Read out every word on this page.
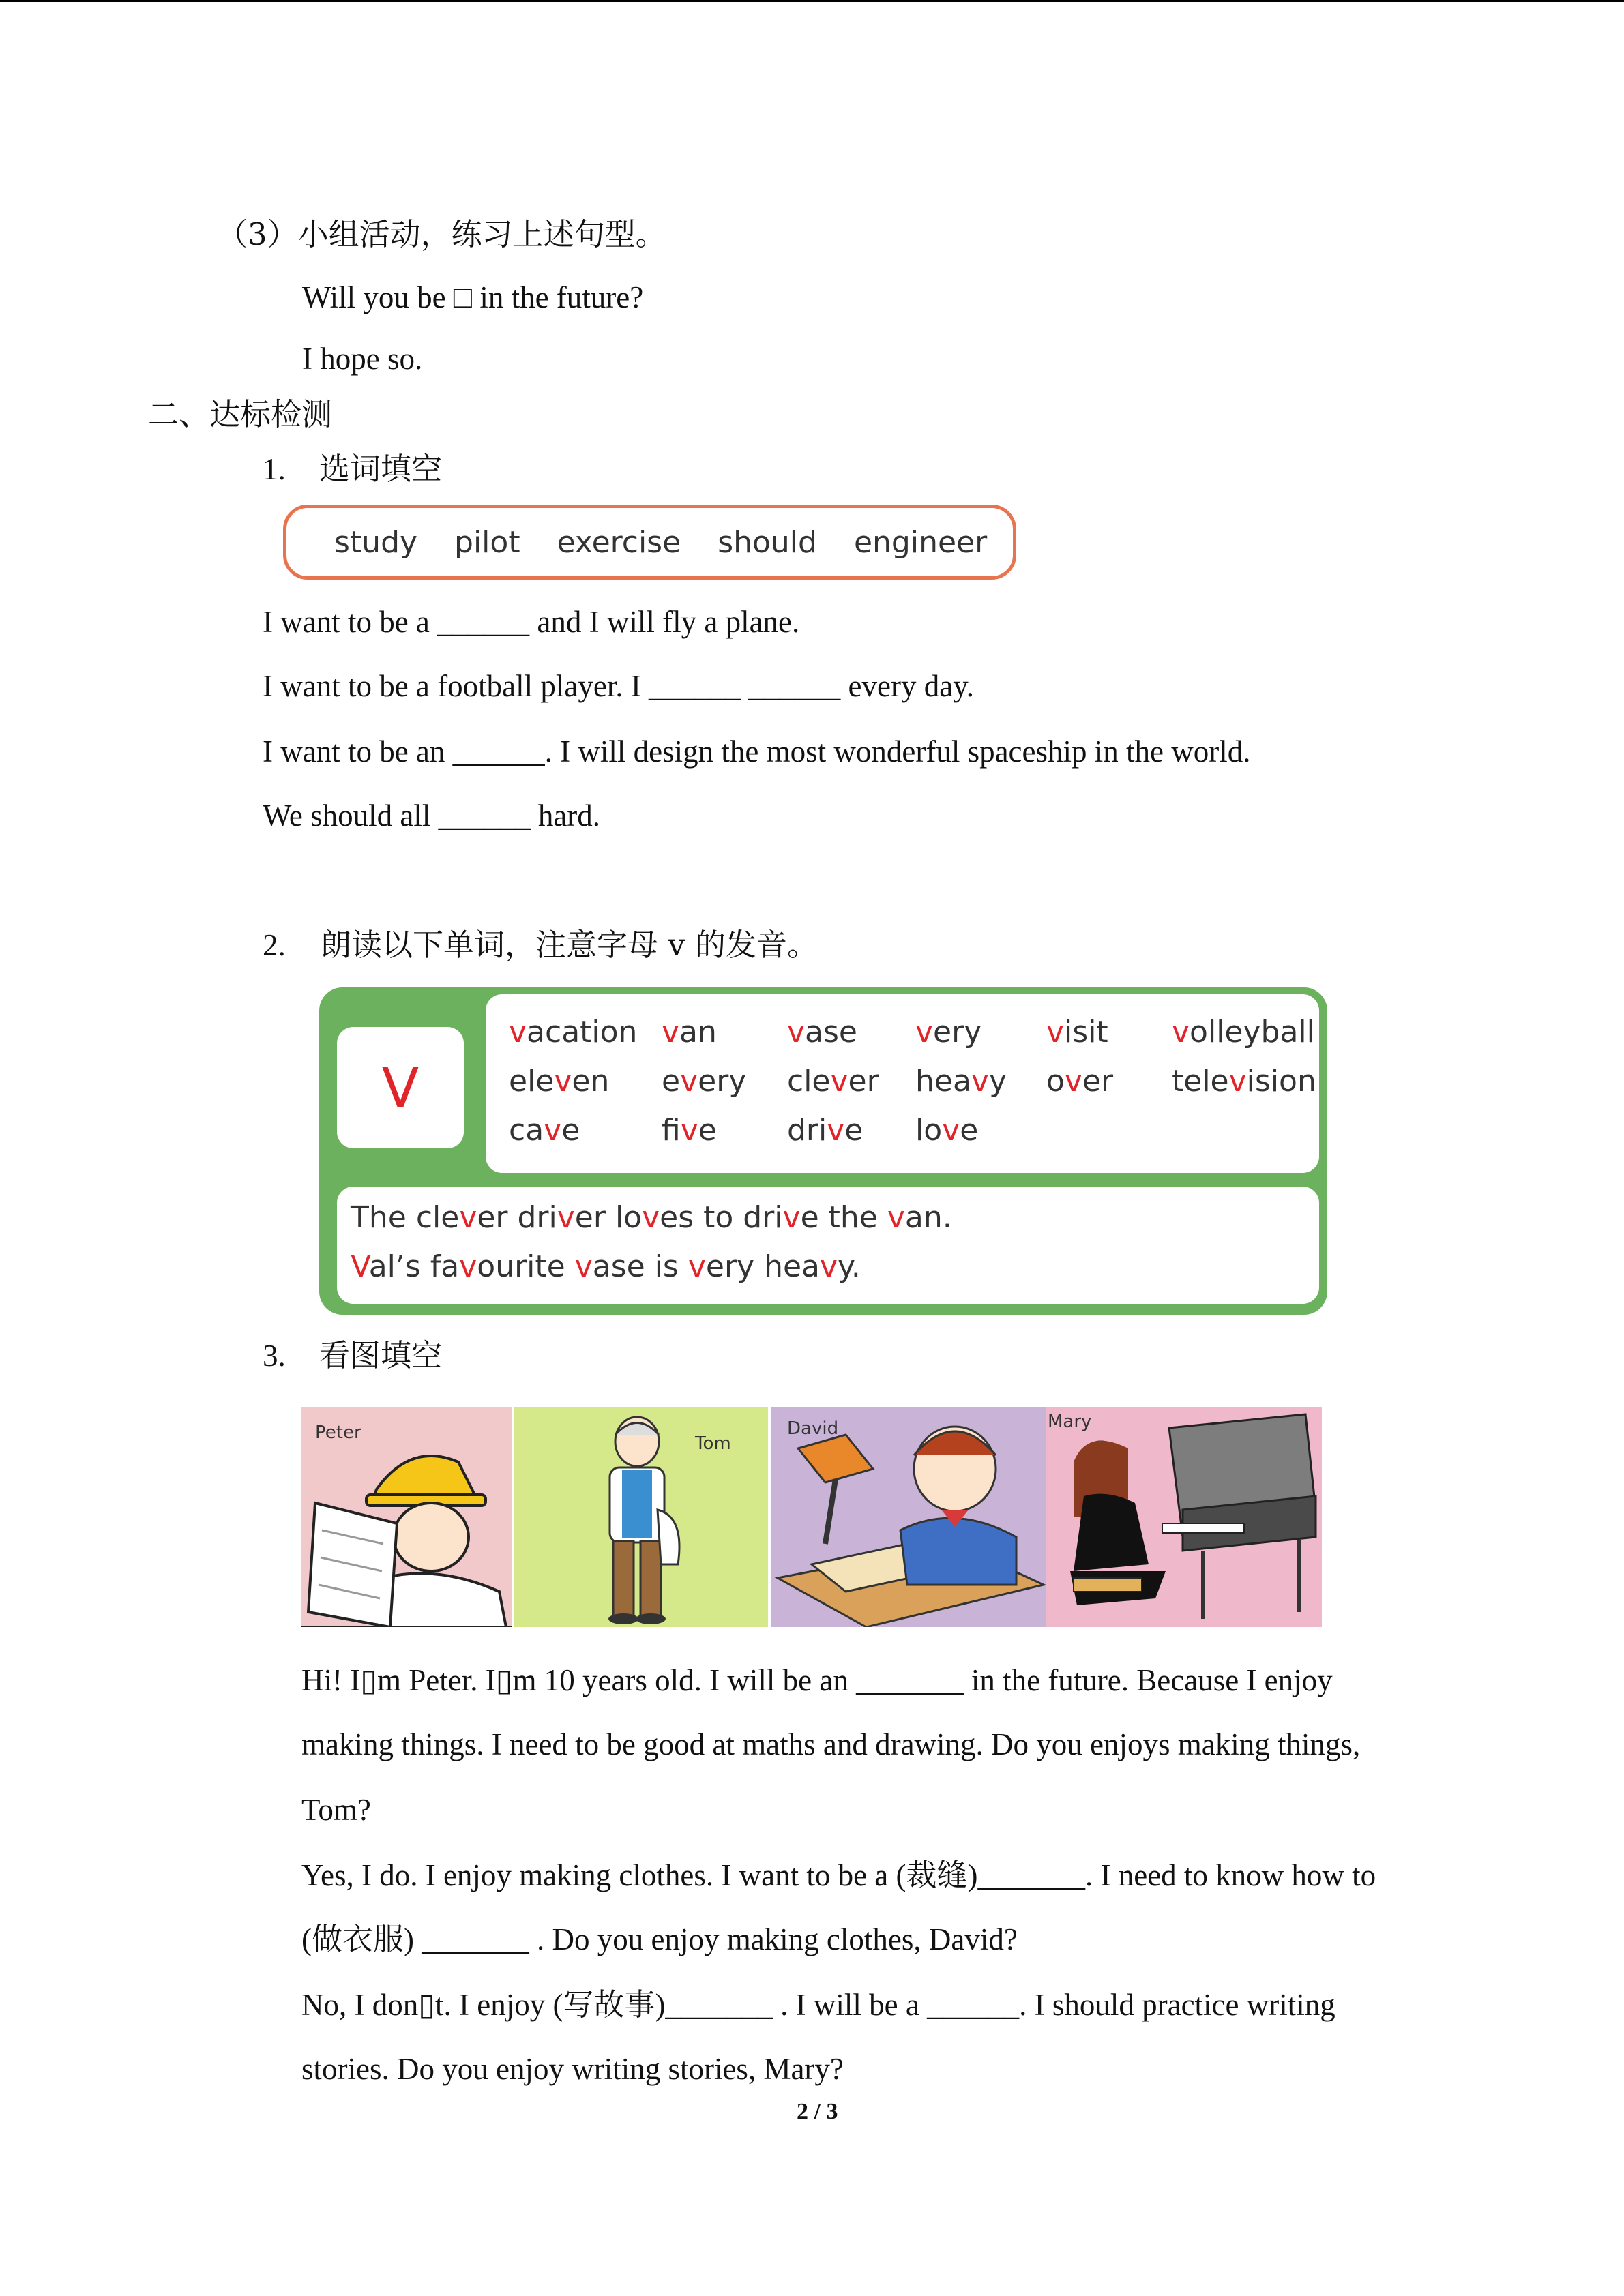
（3）小组活动，练习上述句型。
Will you be □ in the future?
I hope so.
二、达标检测
1. 选词填空
study pilot exercise should engineer
I want to be a ______ and I will fly a plane.
I want to be a football player. I ______ ______ every day.
I want to be an ______. I will design the most wonderful spaceship in the world.
We should all ______ hard.
2. 朗读以下单词，注意字母 v 的发音。
V
vacation van vase very visit volleyball
eleven every clever heavy over television
cave	five drive love
The clever driver loves to drive the van.
Val’s favourite vase is very heavy.
3. 看图填空
Peter
Tom
David	Mary
Hi! I▯m Peter. I▯m 10 years old. I will be an _______ in the future. Because I enjoy
making things. I need to be good at maths and drawing. Do you enjoys making things,
Tom?
Yes, I do. I enjoy making clothes. I want to be a (裁缝)_______. I need to know how to
(做衣服) _______ . Do you enjoy making clothes, David?
No, I don▯t. I enjoy (写故事)_______ . I will be a ______. I should practice writing
stories. Do you enjoy writing stories, Mary?
2 / 3
